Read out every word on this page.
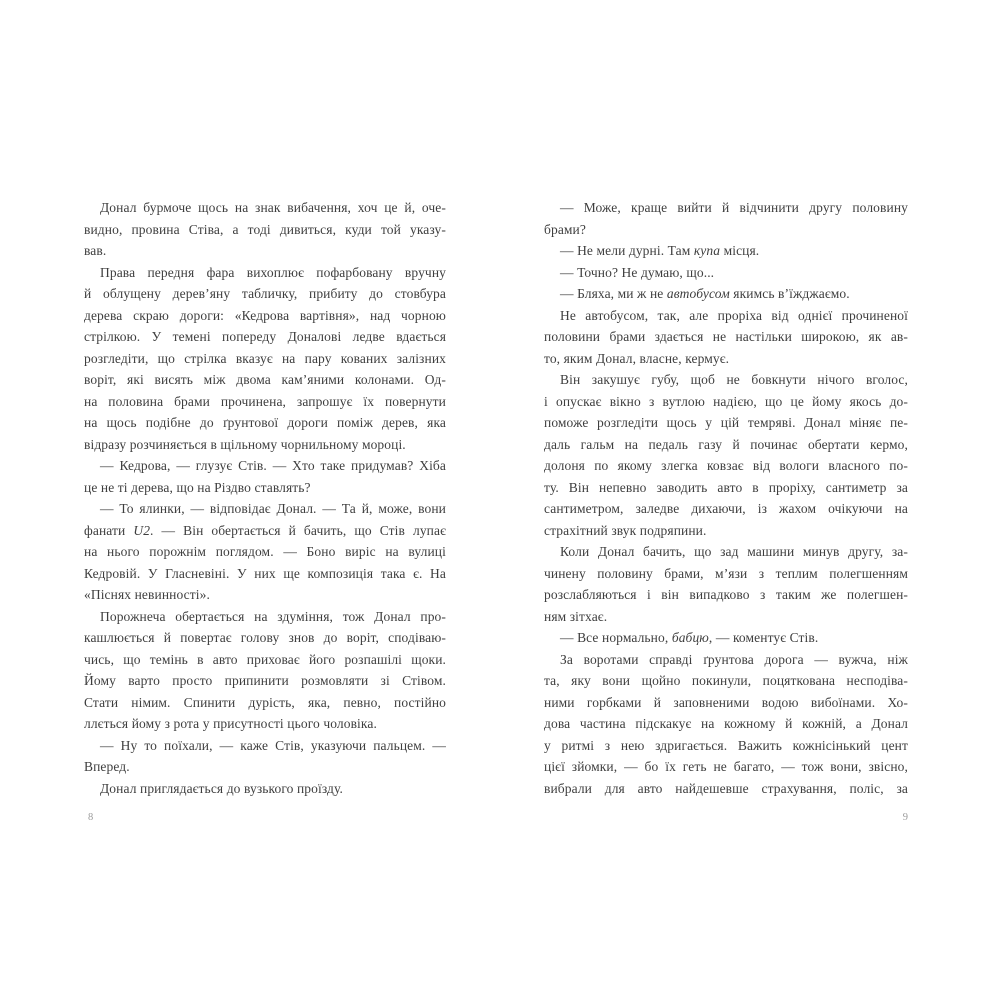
Донал бурмоче щось на знак вибачення, хоч це й, оче-
видно, провина Стіва, а тоді дивиться, куди той указу-
вав.
Права передня фара вихоплює пофарбовану вручну
й облущену дерев’яну табличку, прибиту до стовбура
дерева скраю дороги: «Кедрова вартівня», над чорною
стрілкою. У темені попереду Доналові ледве вдається
розгледіти, що стрілка вказує на пару кованих залізних
воріт, які висять між двома кам’яними колонами. Од-
на половина брами прочинена, запрошує їх повернути
на щось подібне до ґрунтової дороги поміж дерев, яка
відразу розчиняється в щільному чорнильному мороці.
— Кедрова, — глузує Стів. — Хто таке придумав? Хіба
це не ті дерева, що на Різдво ставлять?
— То ялинки, — відповідає Донал. — Та й, може, вони
фанати U2. — Він обертається й бачить, що Стів лупає
на нього порожнім поглядом. — Боно виріс на вулиці
Кедровій. У Гласневіні. У них ще композиція така є. На
«Піснях невинності».
Порожнеча обертається на здуміння, тож Донал про-
кашлюється й повертає голову знов до воріт, сподіваю-
чись, що темінь в авто приховає його розпашілі щоки.
Йому варто просто припинити розмовляти зі Стівом.
Стати німим. Спинити дурість, яка, певно, постійно
ллється йому з рота у присутності цього чоловіка.
— Ну то поїхали, — каже Стів, указуючи пальцем. —
Вперед.
Донал приглядається до вузького проїзду.
— Може, краще вийти й відчинити другу половину
брами?
— Не мели дурні. Там купа місця.
— Точно? Не думаю, що...
— Бляха, ми ж не автобусом якимсь в’їжджаємо.
Не автобусом, так, але проріха від однієї прочиненої
половини брами здається не настільки широкою, як ав-
то, яким Донал, власне, кермує.
Він закушує губу, щоб не бовкнути нічого вголос,
і опускає вікно з вутлою надією, що це йому якось до-
поможе розгледіти щось у цій темряві. Донал міняє пе-
даль гальм на педаль газу й починає обертати кермо,
долоня по якому злегка ковзає від вологи власного по-
ту. Він непевно заводить авто в проріху, сантиметр за
сантиметром, заледве дихаючи, із жахом очікуючи на
страхітний звук подряпини.
Коли Донал бачить, що зад машини минув другу, за-
чинену половину брами, м’язи з теплим полегшенням
розслабляються і він випадково з таким же полегшен-
ням зітхає.
— Все нормально, бабцю, — коментує Стів.
За воротами справді ґрунтова дорога — вужча, ніж
та, яку вони щойно покинули, поцяткована несподіва-
ними горбками й заповненими водою вибоїнами. Хо-
дова частина підскакує на кожному й кожній, а Донал
у ритмі з нею здригається. Важить кожнісінький цент
цієї зйомки, — бо їх геть не багато, — тож вони, звісно,
вибрали для авто найдешевше страхування, поліс, за
8	9
